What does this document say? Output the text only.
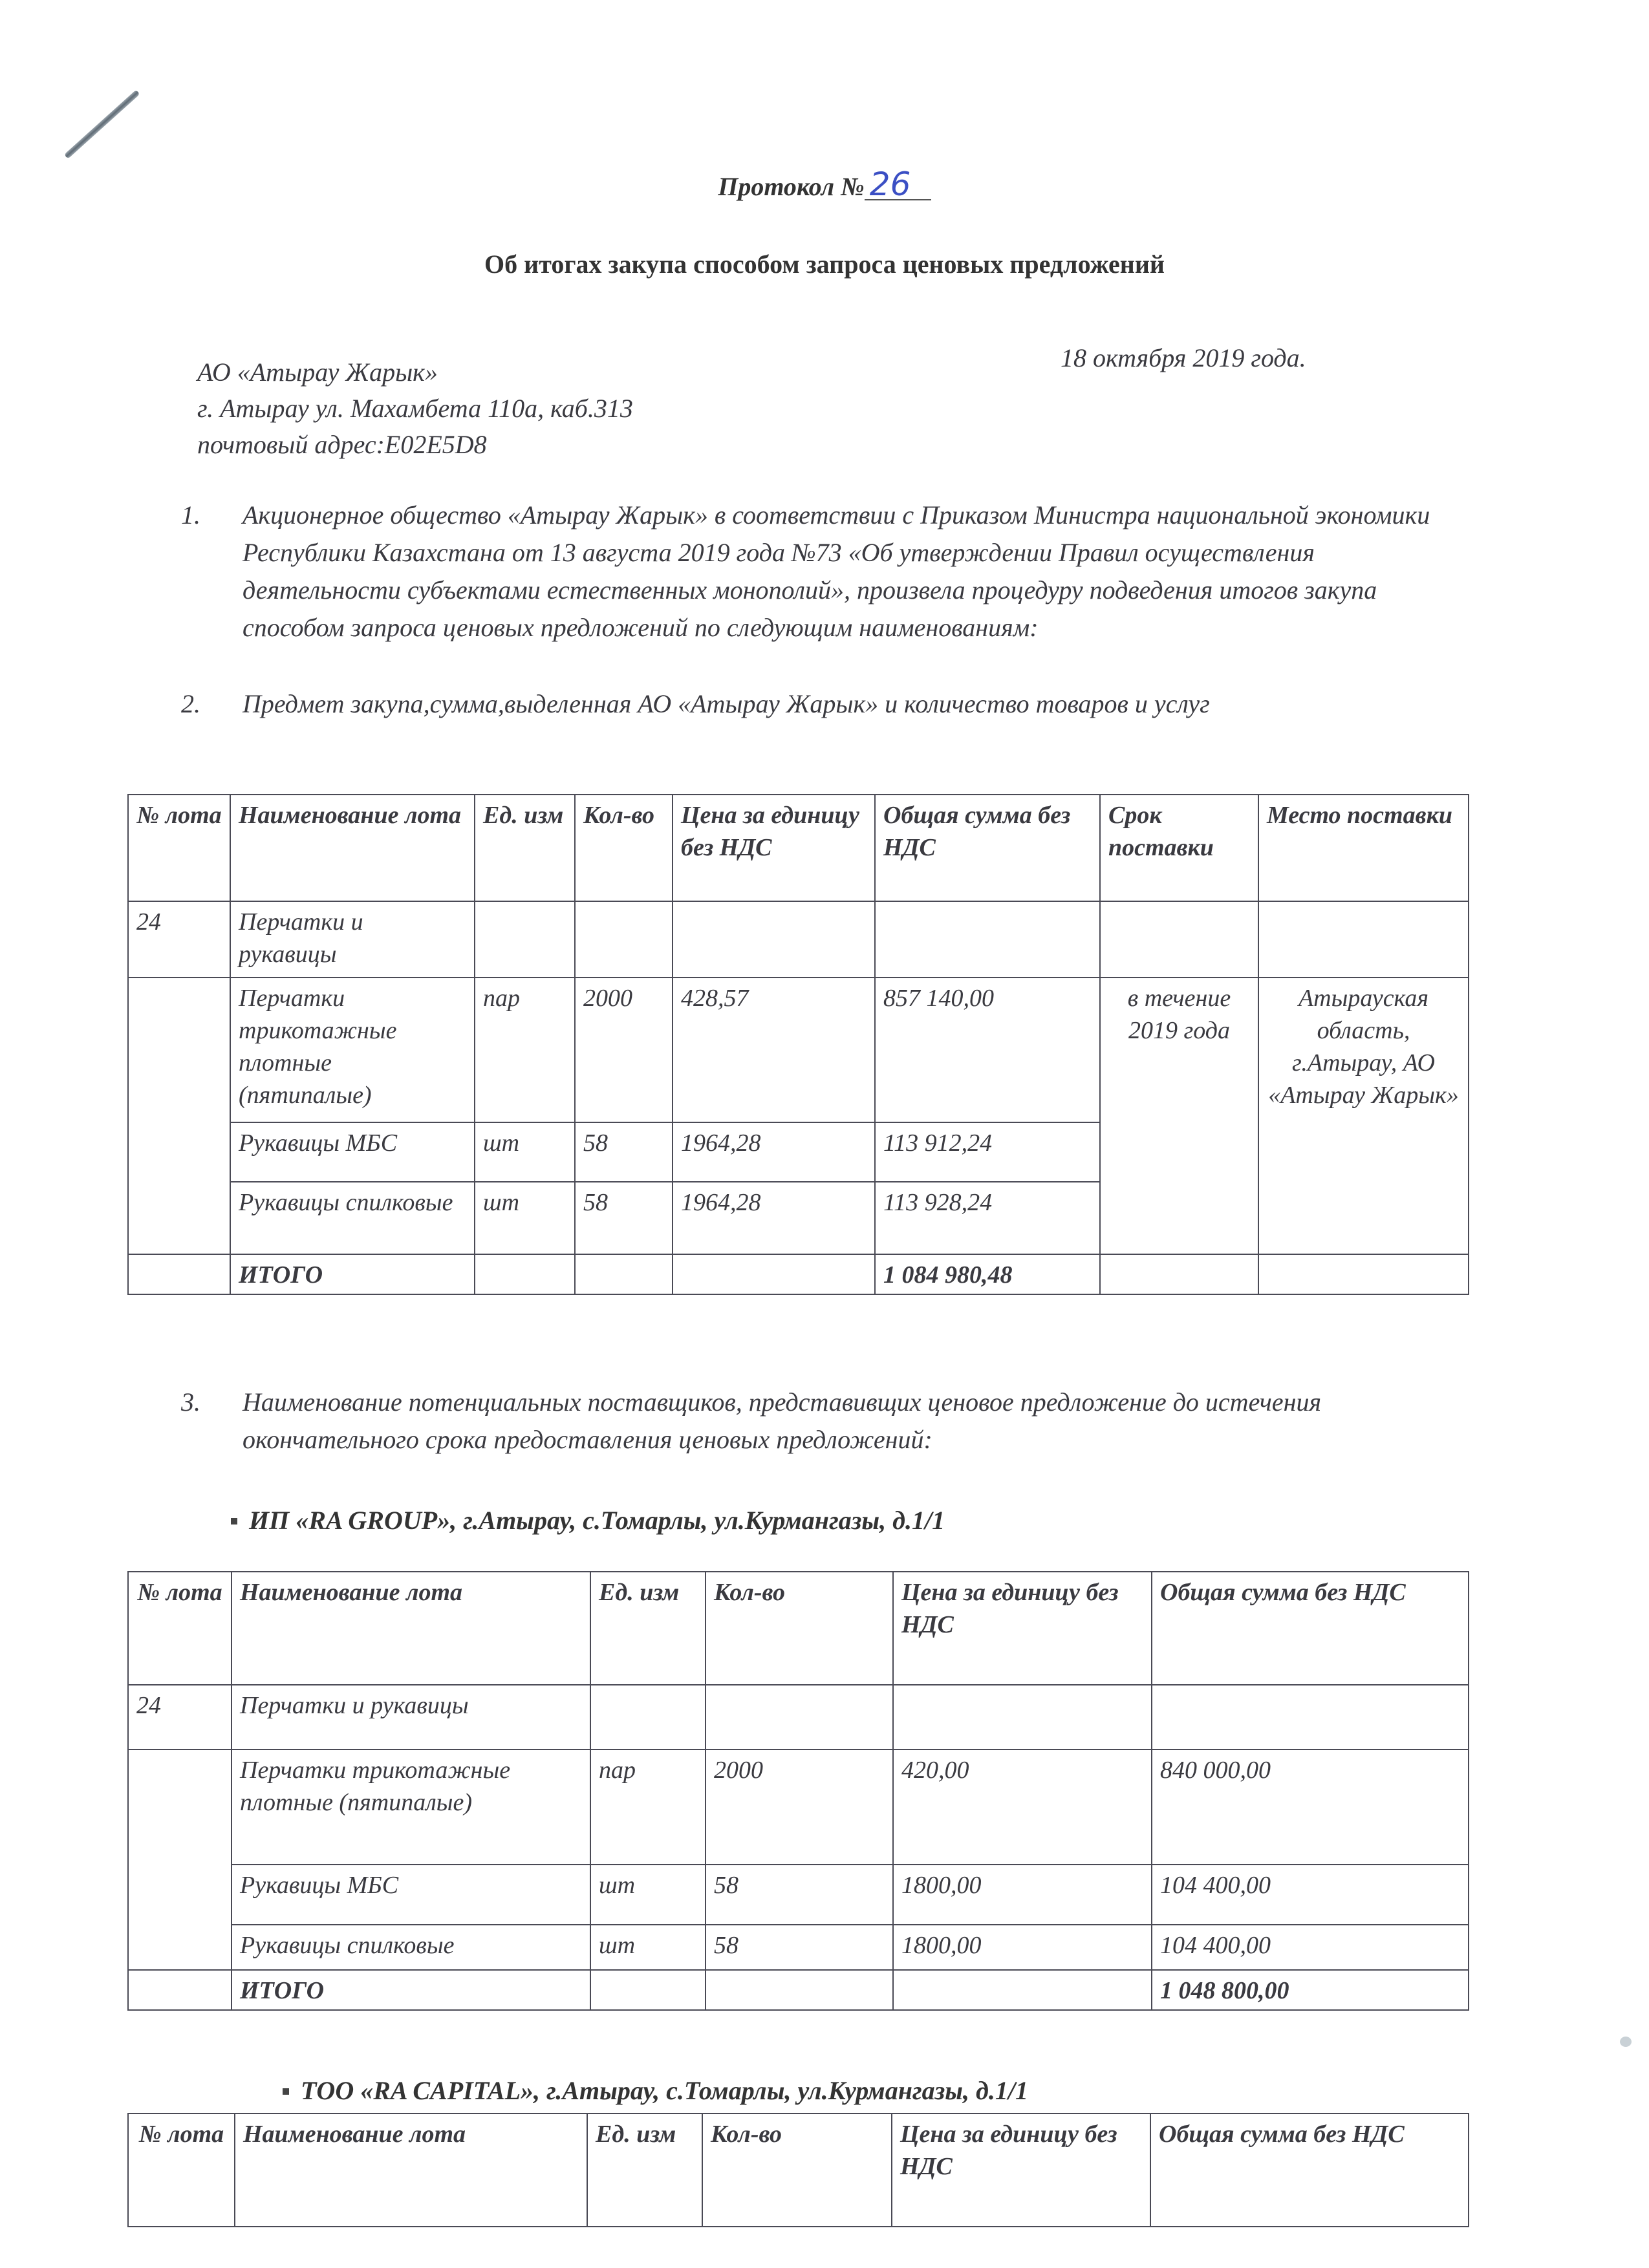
Протокол № 26
Об итогах закупа способом запроса ценовых предложений
АО «Атырау Жарык»
г. Атырау ул. Махамбета 110а, каб.313
почтовый адрес:E02E5D8
18 октября 2019 года.
1. Акционерное общество «Атырау Жарык» в соответствии с Приказом Министра национальной экономики Республики Казахстана от 13 августа 2019 года №73 «Об утверждении Правил осуществления деятельности субъектами естественных монополий», произвела процедуру подведения итогов закупа способом запроса ценовых предложений по следующим наименованиям:
2. Предмет закупа,сумма,выделенная АО «Атырау Жарык» и количество товаров и услуг
№ лота	Наименование лота	Ед. изм	Кол-во	Цена за единицу без НДС	Общая сумма без НДС	Срок поставки	Место поставки
24	Перчатки и рукавицы						
	Перчатки трикотажные плотные (пятипалые)	пар	2000	428,57	857 140,00	в течение 2019 года	Атырауская область, г.Атырау, АО «Атырау Жарык»
	Рукавицы МБС	шт	58	1964,28	113 912,24		
	Рукавицы спилковые	шт	58	1964,28	113 928,24		
	ИТОГО				1 084 980,48		
3. Наименование потенциальных поставщиков, представивщих ценовое предложение до истечения окончательного срока предоставления ценовых предложений:
ИП «RA GROUP», г.Атырау, с.Томарлы, ул.Курмангазы, д.1/1
№ лота	Наименование лота	Ед. изм	Кол-во	Цена за единицу без НДС	Общая сумма без НДС
24	Перчатки и рукавицы				
	Перчатки трикотажные плотные (пятипалые)	пар	2000	420,00	840 000,00
	Рукавицы МБС	шт	58	1800,00	104 400,00
	Рукавицы спилковые	шт	58	1800,00	104 400,00
	ИТОГО				1 048 800,00
ТОО «RA CAPITAL», г.Атырау, с.Томарлы, ул.Курмангазы, д.1/1
№ лота	Наименование лота	Ед. изм	Кол-во	Цена за единицу без НДС	Общая сумма без НДС
